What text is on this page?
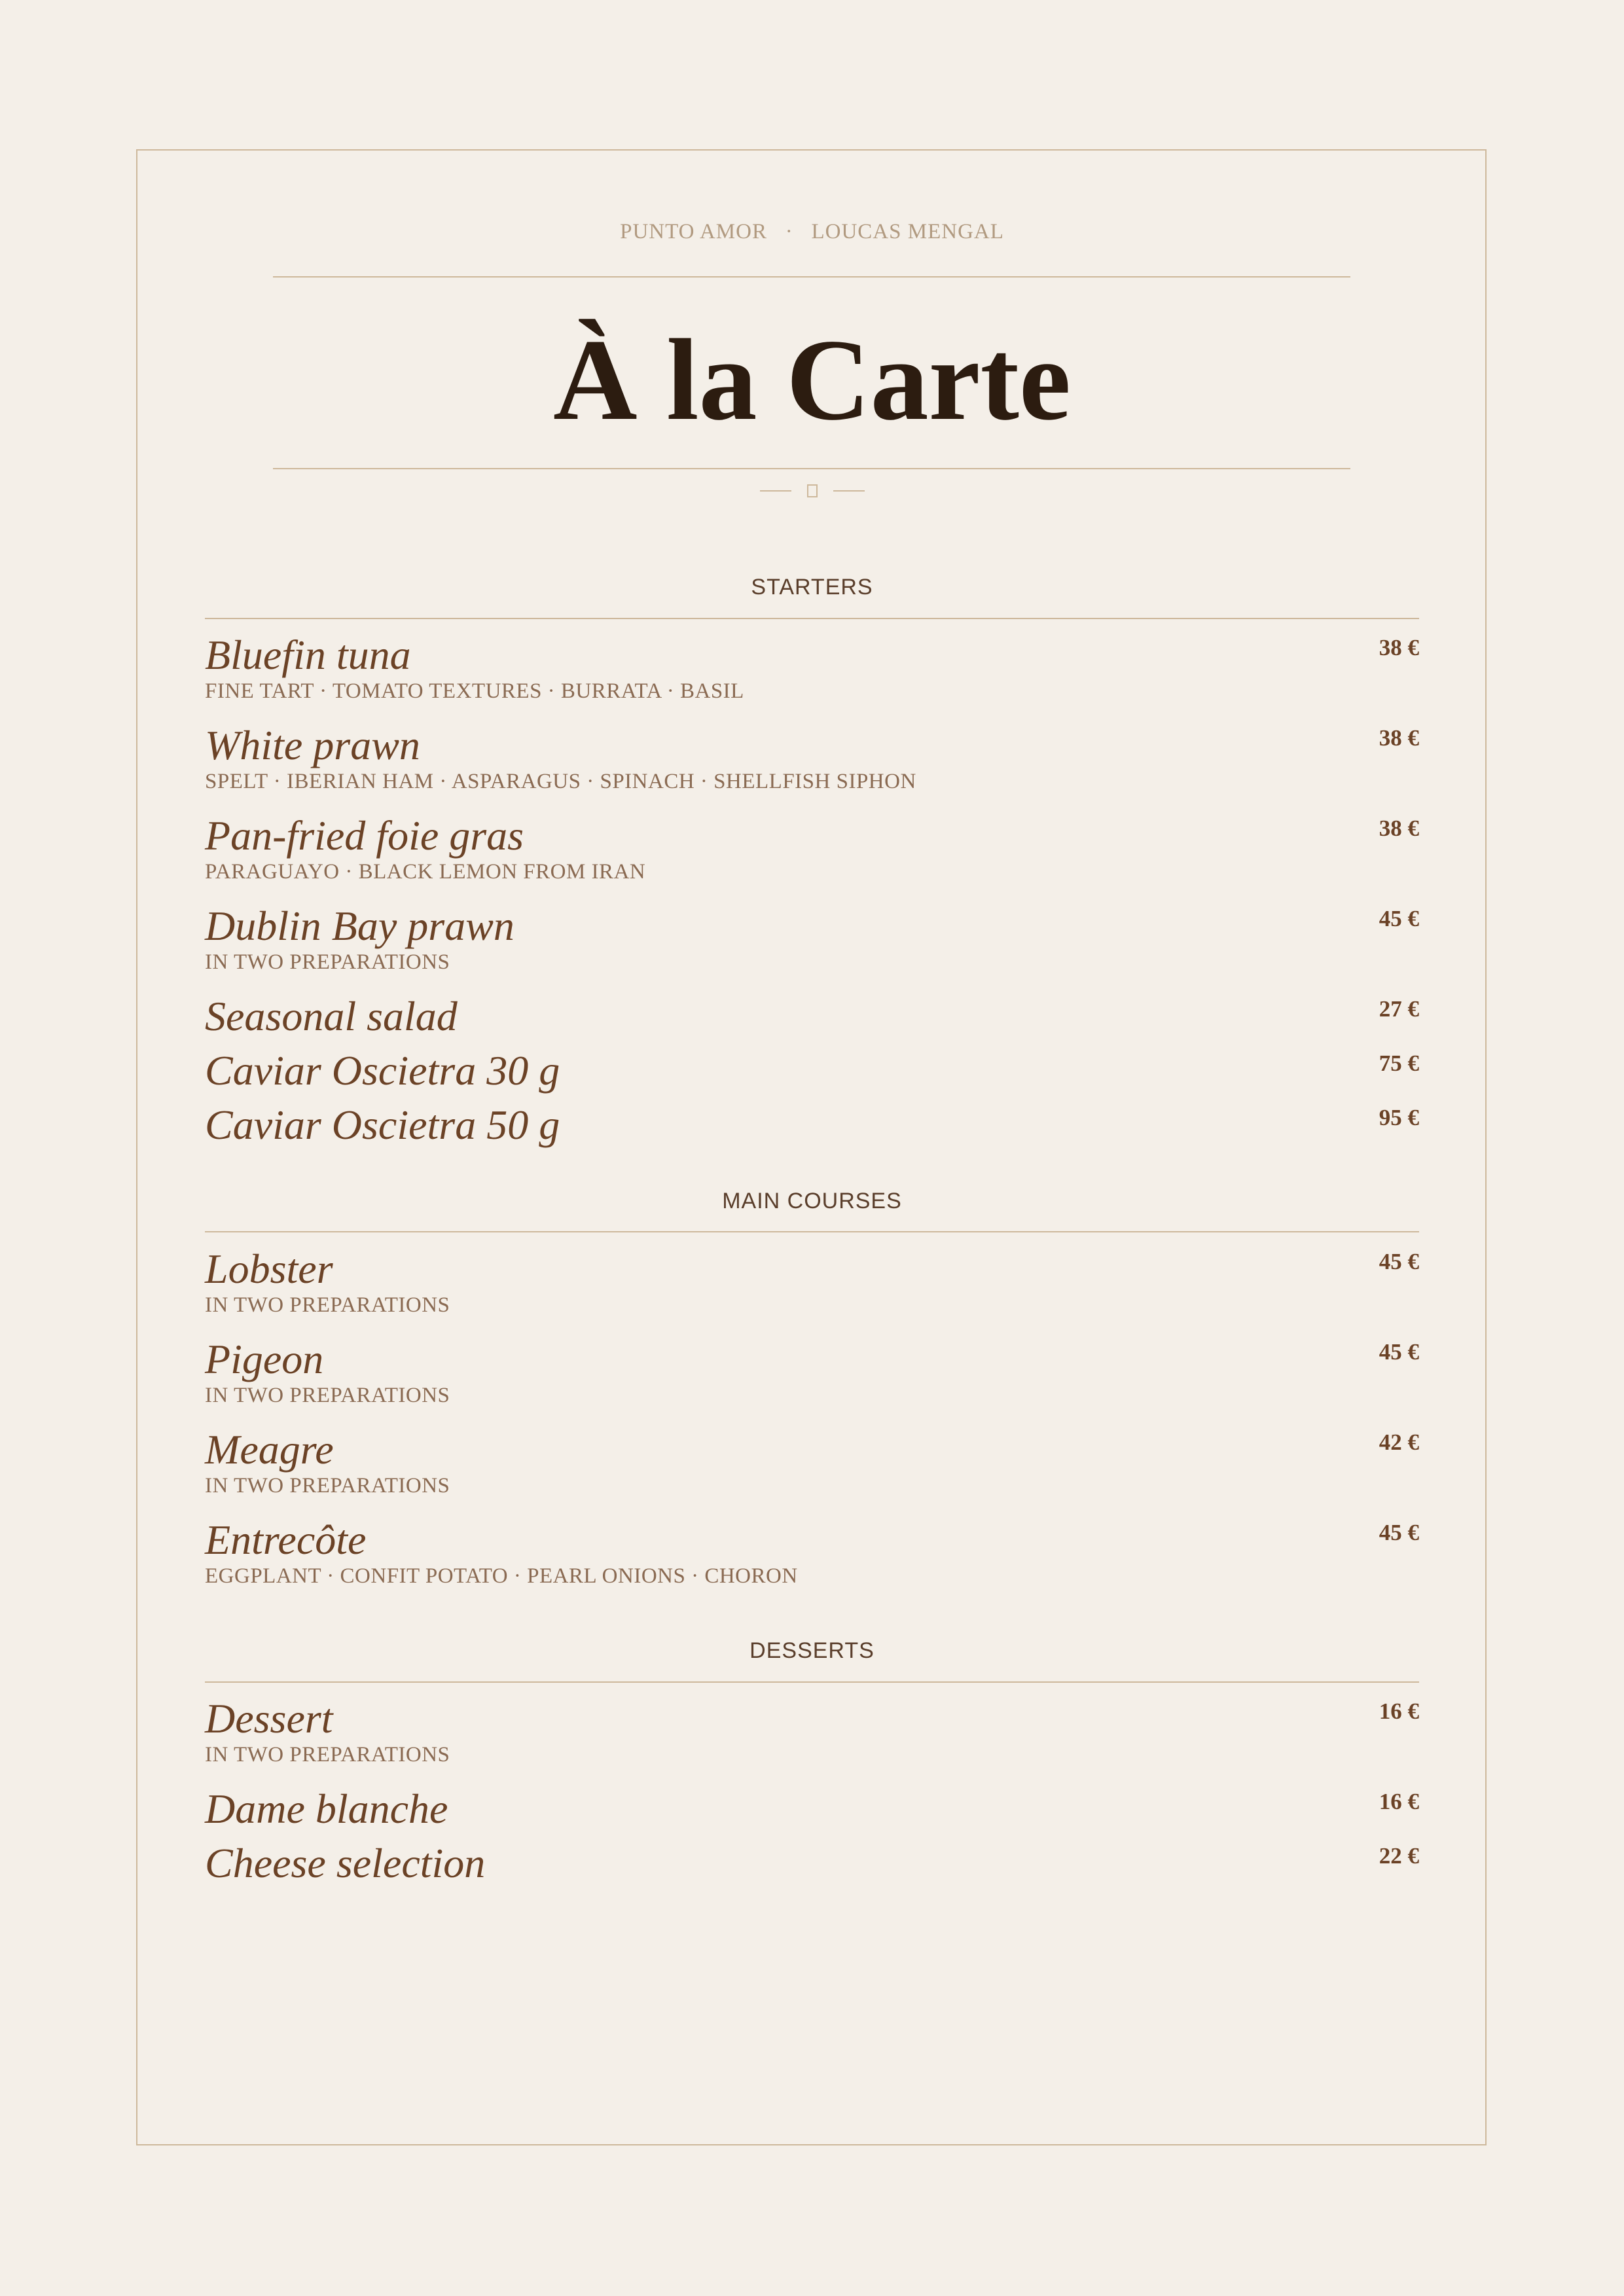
PUNTO AMOR · LOUCAS MENGAL
À la Carte
STARTERS
Bluefin tuna
FINE TART · TOMATO TEXTURES · BURRATA · BASIL
38 €
White prawn
SPELT · IBERIAN HAM · ASPARAGUS · SPINACH · SHELLFISH SIPHON
38 €
Pan-fried foie gras
PARAGUAYO · BLACK LEMON FROM IRAN
38 €
Dublin Bay prawn
IN TWO PREPARATIONS
45 €
Seasonal salad	27 €
Caviar Oscietra 30 g	75 €
Caviar Oscietra 50 g	95 €
MAIN COURSES
Lobster
IN TWO PREPARATIONS
45 €
Pigeon
IN TWO PREPARATIONS
45 €
Meagre
IN TWO PREPARATIONS
42 €
Entrecôte
EGGPLANT · CONFIT POTATO · PEARL ONIONS · CHORON
45 €
DESSERTS
Dessert
IN TWO PREPARATIONS
16 €
Dame blanche	16 €
Cheese selection	22 €
